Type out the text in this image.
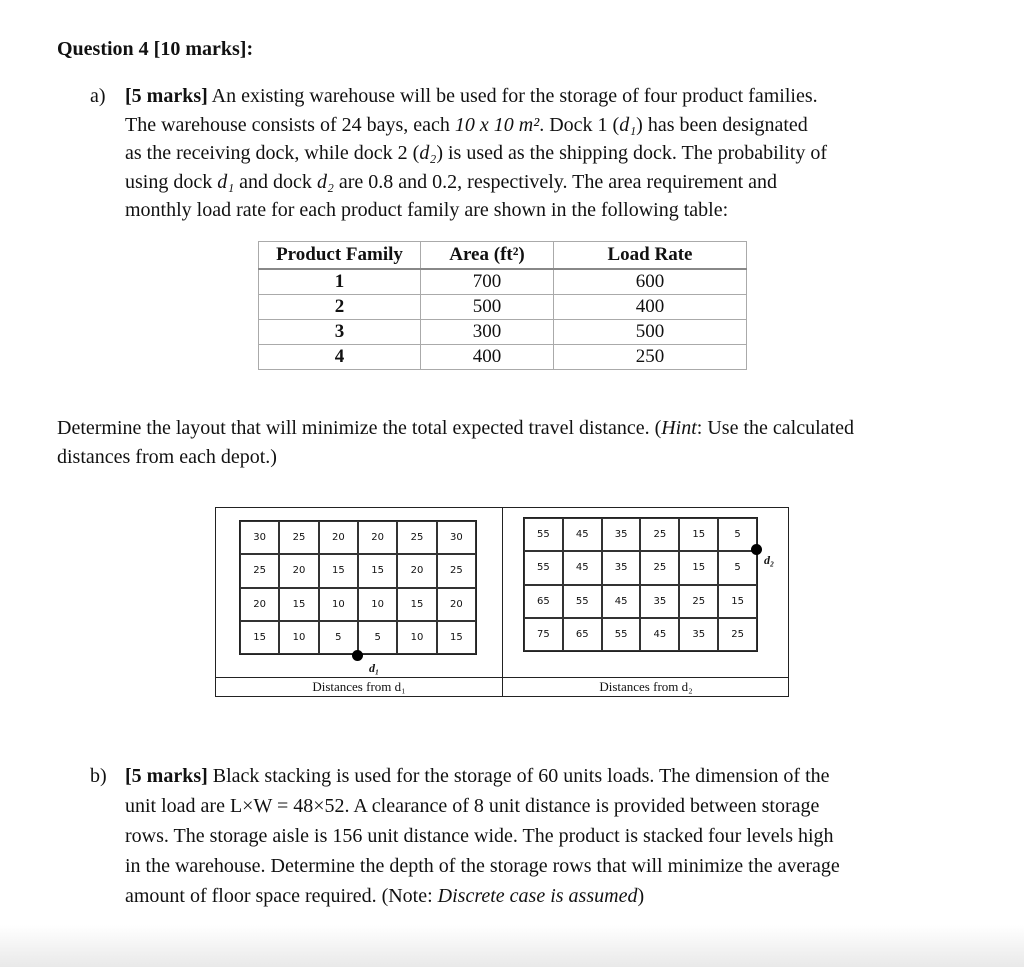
Question 4 [10 marks]:
a) [5 marks] An existing warehouse will be used for the storage of four product families.
The warehouse consists of 24 bays, each 10 x 10 m². Dock 1 (d₁) has been designated
as the receiving dock, while dock 2 (d₂) is used as the shipping dock. The probability of
using dock d₁ and dock d₂ are 0.8 and 0.2, respectively. The area requirement and
monthly load rate for each product family are shown in the following table:
Product Family	Area (ft²)	Load Rate
1	700	600
2	500	400
3	300	500
4	400	250
Determine the layout that will minimize the total expected travel distance. (Hint: Use the calculated
distances from each depot.)
30	25	20	20	25	30
25	20	15	15	20	25
20	15	10	10	15	20
15	10	5	5	10	15
d₁
Distances from d₁
55	45	35	25	15	5
55	45	35	25	15	5
65	55	45	35	25	15
75	65	55	45	35	25
d₂
Distances from d₂
b) [5 marks] Black stacking is used for the storage of 60 units loads. The dimension of the
unit load are L×W = 48×52. A clearance of 8 unit distance is provided between storage
rows. The storage aisle is 156 unit distance wide. The product is stacked four levels high
in the warehouse. Determine the depth of the storage rows that will minimize the average
amount of floor space required. (Note: Discrete case is assumed)
